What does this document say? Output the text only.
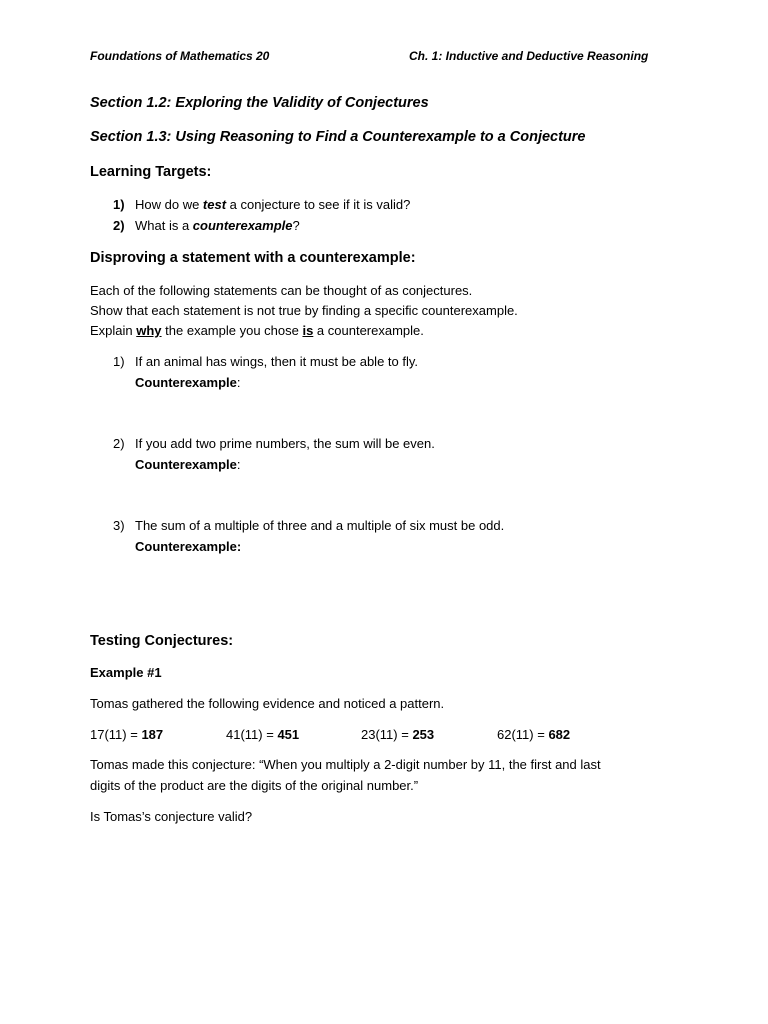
Foundations of Mathematics 20	Ch. 1: Inductive and Deductive Reasoning
Section 1.2: Exploring the Validity of Conjectures
Section 1.3: Using Reasoning to Find a Counterexample to a Conjecture
Learning Targets:
1) How do we test a conjecture to see if it is valid?
2) What is a counterexample?
Disproving a statement with a counterexample:
Each of the following statements can be thought of as conjectures.
Show that each statement is not true by finding a specific counterexample.
Explain why the example you chose is a counterexample.
1) If an animal has wings, then it must be able to fly.
Counterexample:
2) If you add two prime numbers, the sum will be even.
Counterexample:
3) The sum of a multiple of three and a multiple of six must be odd.
Counterexample:
Testing Conjectures:
Example #1
Tomas gathered the following evidence and noticed a pattern.
17(11) = 187	41(11) = 451	23(11) = 253	62(11) = 682
Tomas made this conjecture: “When you multiply a 2-digit number by 11, the first and last
digits of the product are the digits of the original number.”
Is Tomas’s conjecture valid?
